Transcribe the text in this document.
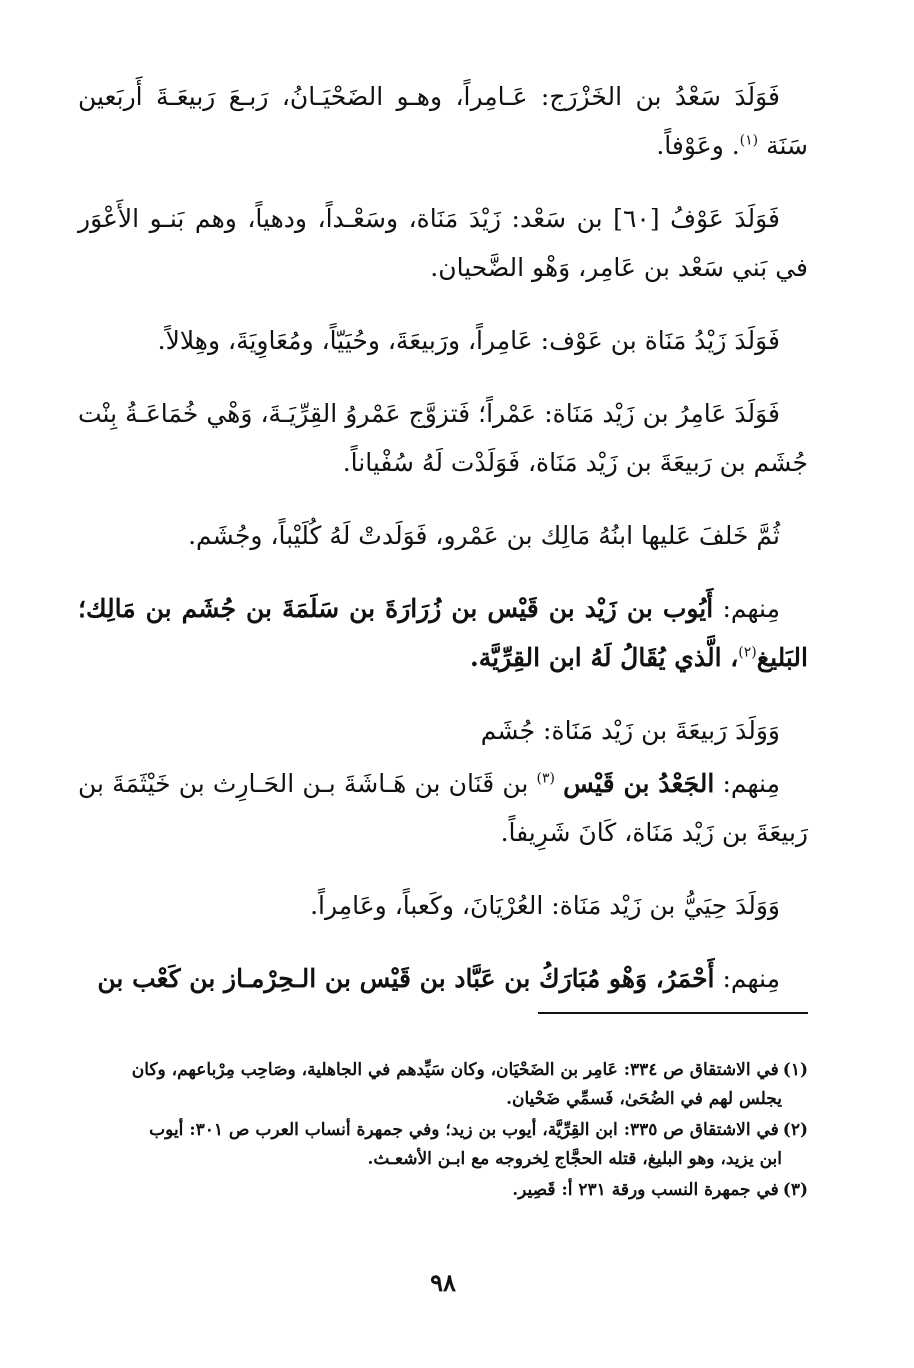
فَوَلَدَ سَعْدُ بن الخَزْرَج: عَـامِراً، وهـو الضَحْيَـانُ، رَبـعَ رَبيعَـةَ أَربَعين سَنَة $^{(١)}$. وعَوْفاً.

فَوَلَدَ عَوْفُ [٦٠] بن سَعْد: زَيْدَ مَنَاة، وسَعْـداً، ودهياً، وهم بَنـو الأَعْوَر في بَني سَعْد بن عَامِر، وَهْو الضَّحيان.

فَوَلَدَ زَيْدُ مَنَاة بن عَوْف: عَامِراً، ورَبيعَةَ، وحُيَيّاً، ومُعَاوِيَةَ، وهِلالاً.

فَوَلَدَ عَامِرُ بن زَيْد مَنَاة: عَمْراً؛ فَتزوَّج عَمْروُ القِرِّيَـةَ، وَهْي خُمَاعَـةُ بِنْت جُشَم بن رَبيعَةَ بن زَيْد مَنَاة، فَوَلَدْت لَهُ سُفْياناً.

ثُمَّ خَلفَ عَليها ابنُهُ مَالِك بن عَمْرو، فَوَلَدتْ لَهُ كُلَيْباً، وجُشَم.

مِنهم: أَيُوب بن زَيْد بن قَيْس بن زُرَارَةَ بن سَلَمَةَ بن جُشَم بن مَالِك؛ البَليغ$^{(٢)}$، الَّذي يُقَالُ لَهُ ابن القِرِّيَّة.

وَوَلَدَ رَبيعَةَ بن زَيْد مَنَاة: جُشَم

مِنهم: الجَعْدُ بن قَيْس $^{(٣)}$ بن قَنَان بن هَـاشَةَ بـن الحَـارِث بن خَيْثَمَةَ بن رَبيعَةَ بن زَيْد مَنَاة، كَانَ شَرِيفاً.

وَوَلَدَ حِيَيُّ بن زَيْد مَنَاة: العُرْيَانَ، وكَعباً، وعَامِراً.

مِنهم: أَحْمَرُ، وَهْو مُبَارَكُ بن عَبَّاد بن قَيْس بن الـحِرْمـاز بن كَعْب بن

(١)في الاشتقاق ص ٣٣٤: عَامِر بن الضَحْيَان، وكان سَيِّدهم في الجاهلية، وصَاحِب مِرْباعهم، وكان
يجلس لهم في الضُحَىٰ، فَسمِّي ضَحْيان.

(٢)في الاشتقاق ص ٣٣٥: ابن القِرِّيَّة، أيوب بن زيد؛ وفي جمهرة أنساب العرب ص ٣٠١: أيوب
ابن يزيد، وهو البليغ، قتله الحجَّاج لِخروجه مع ابـن الأشعـث.

(٣)في جمهرة النسب ورقة ٢٣١ أ: قَصِير.

٩٨
